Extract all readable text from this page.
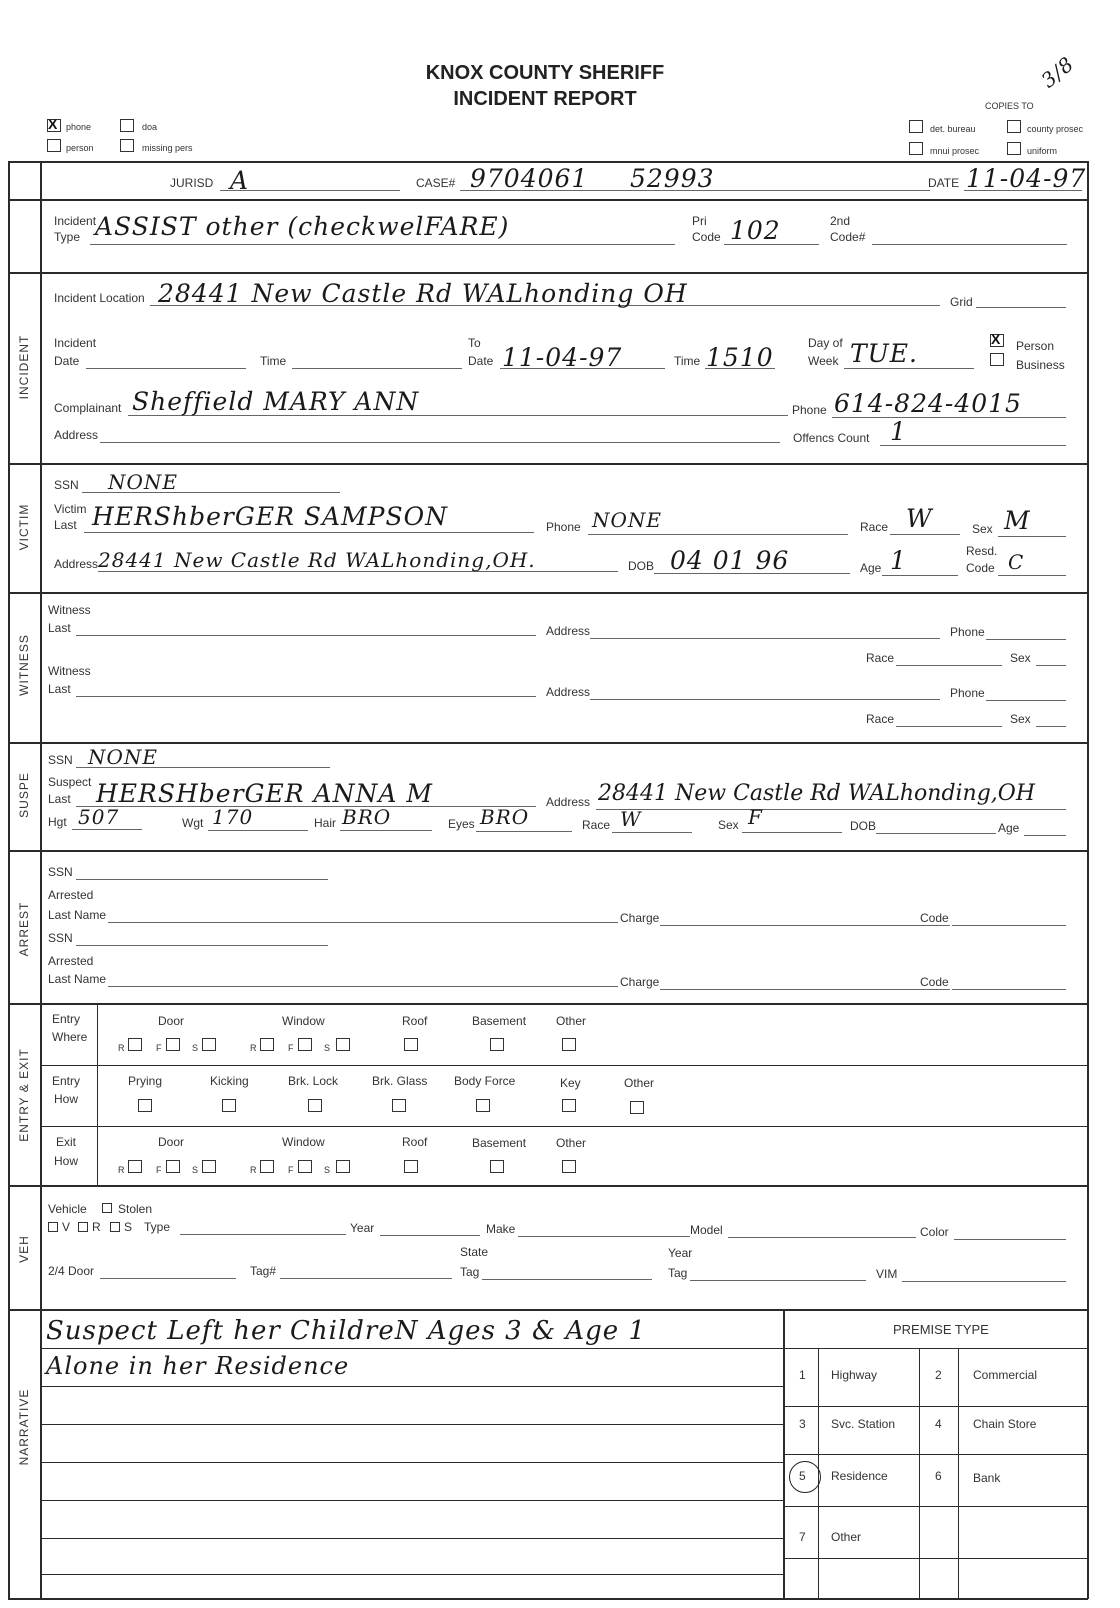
KNOX COUNTY SHERIFF
INCIDENT REPORT
3/8
COPIES TO
X
phone	doa
person	missing pers
det. bureau	county prosec
mnui prosec	uniform
JURISD A	CASE# 9704061 52993	DATE 11-04-97
Incident
Type ASSIST other (checkwelFARE)	Pri
Code 102	2nd
Code#
INCIDENT
Incident Location 28441 New Castle Rd WALhonding OH	Grid
Incident
Date	Time
To
Date 11-04-97	Time 1510	Day of
Week TUE.
X	Person
Business
Complainant Sheffield MARY ANN	Phone 614-824-4015
Address	Offencs Count 1
VICTIM
SSN NONE
Victim
Last HERShberGER SAMPSON	Phone NONE	Race W	Sex M
Address 28441 New Castle Rd WALhonding,OH.	DOB 04 01 96	Age 1	Resd.
Code C
WITNESS
Witness
Last	Address	Phone
Race	Sex
Witness
Last	Address	Phone
Race	Sex
SUSPE
SSN NONE
Suspect
Last HERSHberGER ANNA M	Address 28441 New Castle Rd WALhonding,OH
Hgt 507	Wgt 170	Hair BRO	Eyes BRO	Race W	Sex F	DOB	Age
ARREST
SSN
Arrested
Last Name	Charge	Code
SSN
Arrested
Last Name	Charge	Code
ENTRY & EXIT
Entry
Where
Door	Window	Roof	Basement Other
R	F	S	R	F	S
Entry
How
Prying	Kicking	Brk. Lock	Brk. Glass Body Force	Key	Other
Exit
How
Door	Window	Roof	Basement Other
R	F	S	R	F	S
VEH
Vehicle	Stolen
V R S Type	Year	Make	Model	Color
State	Year
2/4 Door	Tag#	Tag	Tag	VIM
NARRATIVE
Suspect Left her ChildreN Ages 3 & Age 1
Alone in her Residence
PREMISE TYPE
1 Highway	2	Commercial
3 Svc. Station	4	Chain Store
5 Residence	6	Bank
7 Other
